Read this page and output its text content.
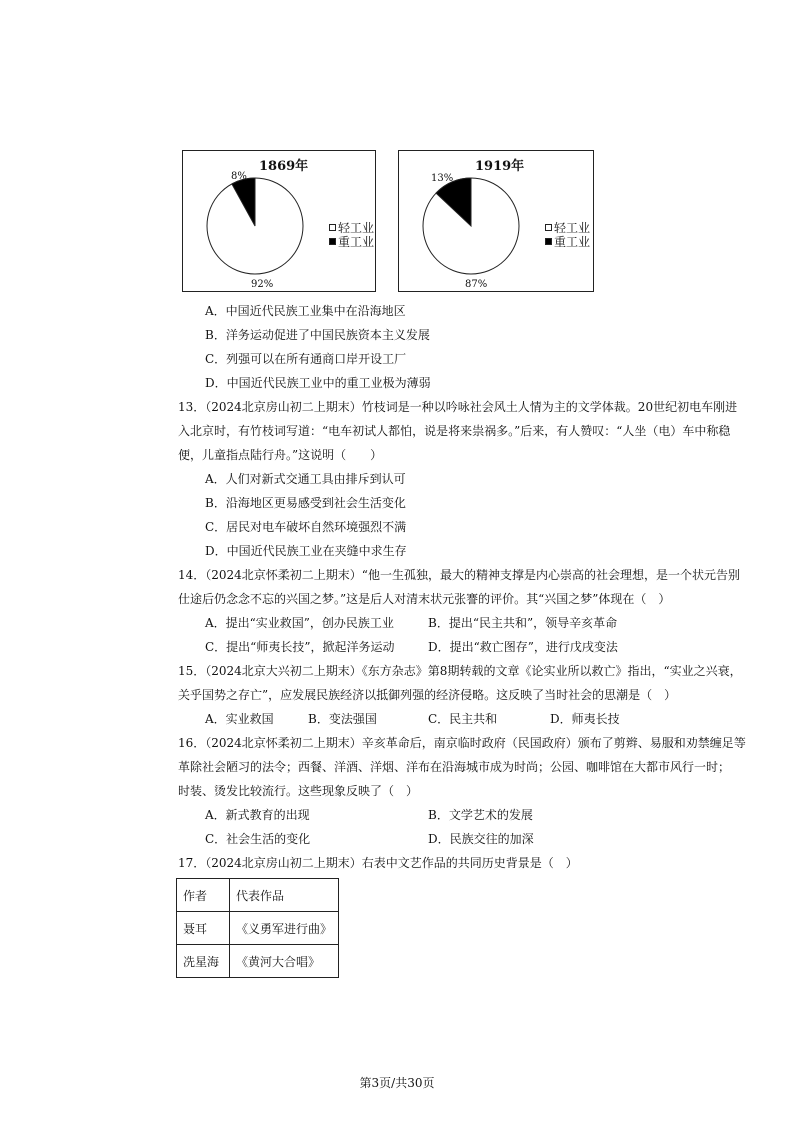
1869年
8%
92%
轻工业
重工业
1919年
13%
87%
轻工业
重工业
A．中国近代民族工业集中在沿海地区
B．洋务运动促进了中国民族资本主义发展
C．列强可以在所有通商口岸开设工厂
D．中国近代民族工业中的重工业极为薄弱
13．（2024北京房山初二上期末）竹枝词是一种以吟咏社会风土人情为主的文学体裁。20世纪初电车刚进
入北京时，有竹枝词写道：“电车初试人都怕，说是将来祟祸多。”后来，有人赞叹：“人坐（电）车中称稳
便，儿童指点陆行舟。”这说明（　　）
A．人们对新式交通工具由排斥到认可
B．沿海地区更易感受到社会生活变化
C．居民对电车破坏自然环境强烈不满
D．中国近代民族工业在夹缝中求生存
14．（2024北京怀柔初二上期末）“他一生孤独，最大的精神支撑是内心崇高的社会理想，是一个状元告别
仕途后仍念念不忘的兴国之梦。”这是后人对清末状元张謇的评价。其“兴国之梦”体现在（　）
A．提出“实业救国”，创办民族工业	B．提出“民主共和”，领导辛亥革命
C．提出“师夷长技”，掀起洋务运动	D．提出“救亡图存”，进行戊戌变法
15．（2024北京大兴初二上期末）《东方杂志》第8期转载的文章《论实业所以救亡》指出，“实业之兴衰，
关乎国势之存亡”，应发展民族经济以抵御列强的经济侵略。这反映了当时社会的思潮是（　）
A．实业救国	B．变法强国	C．民主共和	D．师夷长技
16．（2024北京怀柔初二上期末）辛亥革命后，南京临时政府（民国政府）颁布了剪辫、易服和劝禁缠足等
革除社会陋习的法令；西餐、洋酒、洋烟、洋布在沿海城市成为时尚；公园、咖啡馆在大都市风行一时；
时装、烫发比较流行。这些现象反映了（　）
A．新式教育的出现	B．文学艺术的发展
C．社会生活的变化	D．民族交往的加深
17．（2024北京房山初二上期末）右表中文艺作品的共同历史背景是（　）
作者	代表作品
聂耳	《义勇军进行曲》
冼星海	《黄河大合唱》
第3页/共30页
